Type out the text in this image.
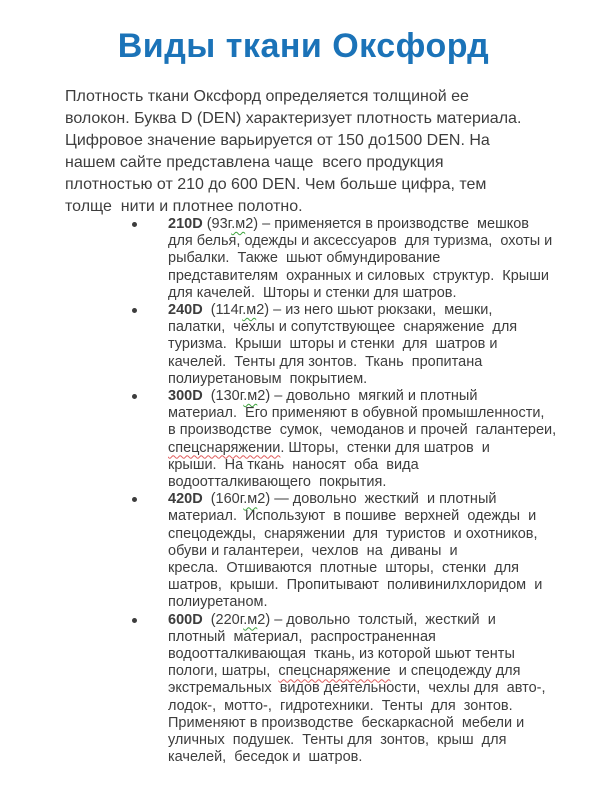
Виды ткани Оксфорд
Плотность ткани Оксфорд определяется толщиной ее
волокон. Буква D (DEN) характеризует плотность материала.
Цифровое значение варьируется от 150 до1500 DEN. На
нашем сайте представлена чаще  всего продукция
плотностью от 210 до 600 DEN. Чем больше цифра, тем
толще  нити и плотнее полотно.
210D (93г.м2) – применяется в производстве  мешков
для белья, одежды и аксессуаров  для туризма,  охоты и
рыбалки.  Также  шьют обмундирование
представителям  охранных и силовых  структур.  Крыши
для качелей.  Шторы и стенки для шатров.
240D  (114г.м2) – из него шьют рюкзаки,  мешки,
палатки,  чехлы и сопутствующее  снаряжение  для
туризма.  Крыши  шторы и стенки  для  шатров и
качелей.  Тенты для зонтов.  Ткань  пропитана
полиуретановым  покрытием.
300D  (130г.м2) – довольно  мягкий и плотный
материал.  Его применяют в обувной промышленности,
в производстве  сумок,  чемоданов и прочей  галантереи,
спецснаряжении. Шторы,  стенки для шатров  и
крыши.  На ткань  наносят  оба  вида
водоотталкивающего  покрытия.
420D  (160г.м2) — довольно  жесткий  и плотный
материал.  Используют  в пошиве  верхней  одежды  и
спецодежды,  снаряжении  для  туристов  и охотников,
обуви и галантереи,  чехлов  на  диваны  и
кресла.  Отшиваются  плотные  шторы,  стенки  для
шатров,  крыши.  Пропитывают  поливинилхлоридом  и
полиуретаном.
600D  (220г.м2) – довольно  толстый,  жесткий  и
плотный  материал,  распространенная
водоотталкивающая  ткань, из которой шьют тенты
пологи, шатры,  спецснаряжение  и спецодежду для
экстремальных  видов деятельности,  чехлы для  авто-,
лодок-,  мотто-,  гидротехники.  Тенты  для  зонтов.
Применяют в производстве  бескаркасной  мебели и
уличных  подушек.  Тенты для  зонтов,  крыш  для
качелей,  беседок и  шатров.
